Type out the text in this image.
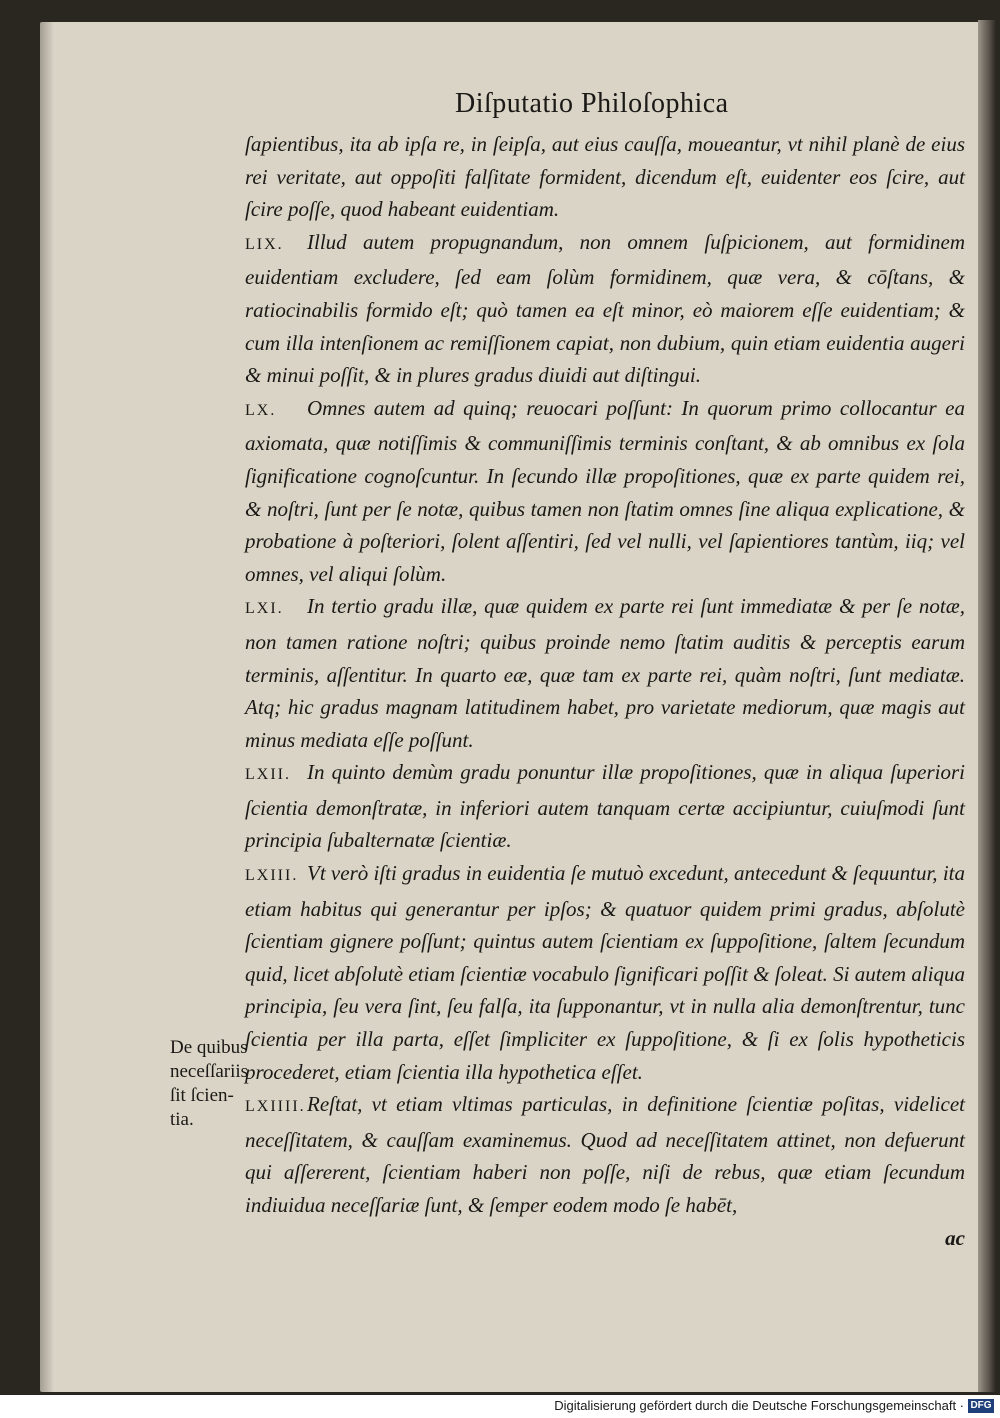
Diſputatio Philoſophica
De quibus
neceſſariis
ſit ſcien-
tia.

ſapientibus, ita ab ipſa re, in ſeipſa, aut eius cauſſa, moueantur, vt nihil planè de eius rei veritate, aut oppoſiti falſitate formident, dicendum eſt, euidenter eos ſcire, aut ſcire poſſe, quod habeant euidentiam.

LIX. Illud autem propugnandum, non omnem ſuſpicionem, aut formidinem euidentiam excludere, ſed eam ſolùm formidinem, quæ vera, & cōſtans, & ratiocinabilis formido eſt; quò tamen ea eſt minor, eò maiorem eſſe euidentiam; & cum illa intenſionem ac remiſſionem capiat, non dubium, quin etiam euidentia augeri & minui poſſit, & in plures gradus diuidi aut diſtingui.

LX. Omnes autem ad quinq; reuocari poſſunt: In quorum primo collocantur ea axiomata, quæ notiſſimis & communiſſimis terminis conſtant, & ab omnibus ex ſola ſignificatione cognoſcuntur. In ſecundo illæ propoſitiones, quæ ex parte quidem rei, & noſtri, ſunt per ſe notæ, quibus tamen non ſtatim omnes ſine aliqua explicatione, & probatione à poſteriori, ſolent aſſentiri, ſed vel nulli, vel ſapientiores tantùm, iiq; vel omnes, vel aliqui ſolùm.

LXI. In tertio gradu illæ, quæ quidem ex parte rei ſunt immediatæ & per ſe notæ, non tamen ratione noſtri; quibus proinde nemo ſtatim auditis & perceptis earum terminis, aſſentitur. In quarto eæ, quæ tam ex parte rei, quàm noſtri, ſunt mediatæ. Atq; hic gradus magnam latitudinem habet, pro varietate mediorum, quæ magis aut minus mediata eſſe poſſunt.

LXII. In quinto demùm gradu ponuntur illæ propoſitiones, quæ in aliqua ſuperiori ſcientia demonſtratæ, in inferiori autem tanquam certæ accipiuntur, cuiuſmodi ſunt principia ſubalternatæ ſcientiæ.

LXIII. Vt verò iſti gradus in euidentia ſe mutuò excedunt, antecedunt & ſequuntur, ita etiam habitus qui generantur per ipſos; & quatuor quidem primi gradus, abſolutè ſcientiam gignere poſſunt; quintus autem ſcientiam ex ſuppoſitione, ſaltem ſecundum quid, licet abſolutè etiam ſcientiæ vocabulo ſignificari poſſit & ſoleat. Si autem aliqua principia, ſeu vera ſint, ſeu falſa, ita ſupponantur, vt in nulla alia demonſtrentur, tunc ſcientia per illa parta, eſſet ſimpliciter ex ſuppoſitione, & ſi ex ſolis hypotheticis procederet, etiam ſcientia illa hypothetica eſſet.

LXIIII.Reſtat, vt etiam vltimas particulas, in definitione ſcientiæ poſitas, videlicet neceſſitatem, & cauſſam examinemus. Quod ad neceſſitatem attinet, non defuerunt qui aſſererent, ſcientiam haberi non poſſe, niſi de rebus, quæ etiam ſecundum indiuidua neceſſariæ ſunt, & ſemper eodem modo ſe habēt,

ac
Digitalisierung gefördert durch die Deutsche Forschungsgemeinschaft · DFG
